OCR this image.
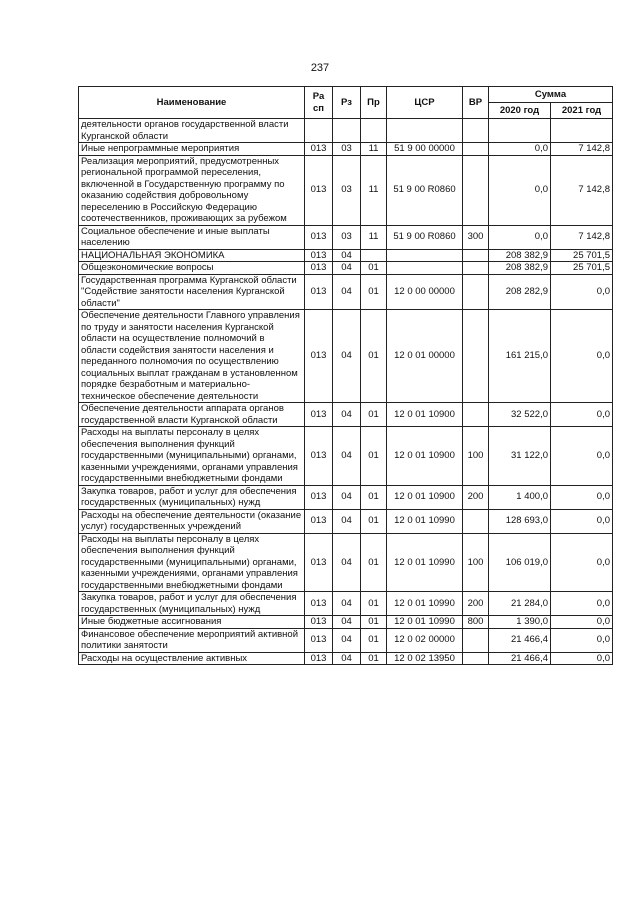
237
Наименование	Ра сп	Рз	Пр	ЦСР	ВР	Сумма	
						2020 год	2021 год
деятельности органов государственной власти Курганской области							
Иные непрограммные мероприятия	013	03	11	51 9 00 00000		0,0	7 142,8
Реализация мероприятий, предусмотренных региональной программой переселения, включенной в Государственную программу по оказанию содействия добровольному переселению в Российскую Федерацию соотечественников, проживающих за рубежом	013	03	11	51 9 00 R0860		0,0	7 142,8
Социальное обеспечение и иные выплаты населению	013	03	11	51 9 00 R0860	300	0,0	7 142,8
НАЦИОНАЛЬНАЯ ЭКОНОМИКА	013	04				208 382,9	25 701,5
Общеэкономические вопросы	013	04	01			208 382,9	25 701,5
Государственная программа Курганской области "Содействие занятости населения Курганской области"	013	04	01	12 0 00 00000		208 282,9	0,0
Обеспечение деятельности Главного управления по труду и занятости населения Курганской области на осуществление полномочий в области содействия занятости населения и переданного полномочия по осуществлению социальных выплат гражданам в установленном порядке безработным и материально-техническое обеспечение деятельности	013	04	01	12 0 01 00000		161 215,0	0,0
Обеспечение деятельности аппарата органов государственной власти Курганской области	013	04	01	12 0 01 10900		32 522,0	0,0
Расходы на выплаты персоналу в целях обеспечения выполнения функций государственными (муниципальными) органами, казенными учреждениями, органами управления государственными внебюджетными фондами	013	04	01	12 0 01 10900	100	31 122,0	0,0
Закупка товаров, работ и услуг для обеспечения государственных (муниципальных) нужд	013	04	01	12 0 01 10900	200	1 400,0	0,0
Расходы на обеспечение деятельности (оказание услуг) государственных учреждений	013	04	01	12 0 01 10990		128 693,0	0,0
Расходы на выплаты персоналу в целях обеспечения выполнения функций государственными (муниципальными) органами, казенными учреждениями, органами управления государственными внебюджетными фондами	013	04	01	12 0 01 10990	100	106 019,0	0,0
Закупка товаров, работ и услуг для обеспечения государственных (муниципальных) нужд	013	04	01	12 0 01 10990	200	21 284,0	0,0
Иные бюджетные ассигнования	013	04	01	12 0 01 10990	800	1 390,0	0,0
Финансовое обеспечение мероприятий активной политики занятости	013	04	01	12 0 02 00000		21 466,4	0,0
Расходы на осуществление активных	013	04	01	12 0 02 13950		21 466,4	0,0
